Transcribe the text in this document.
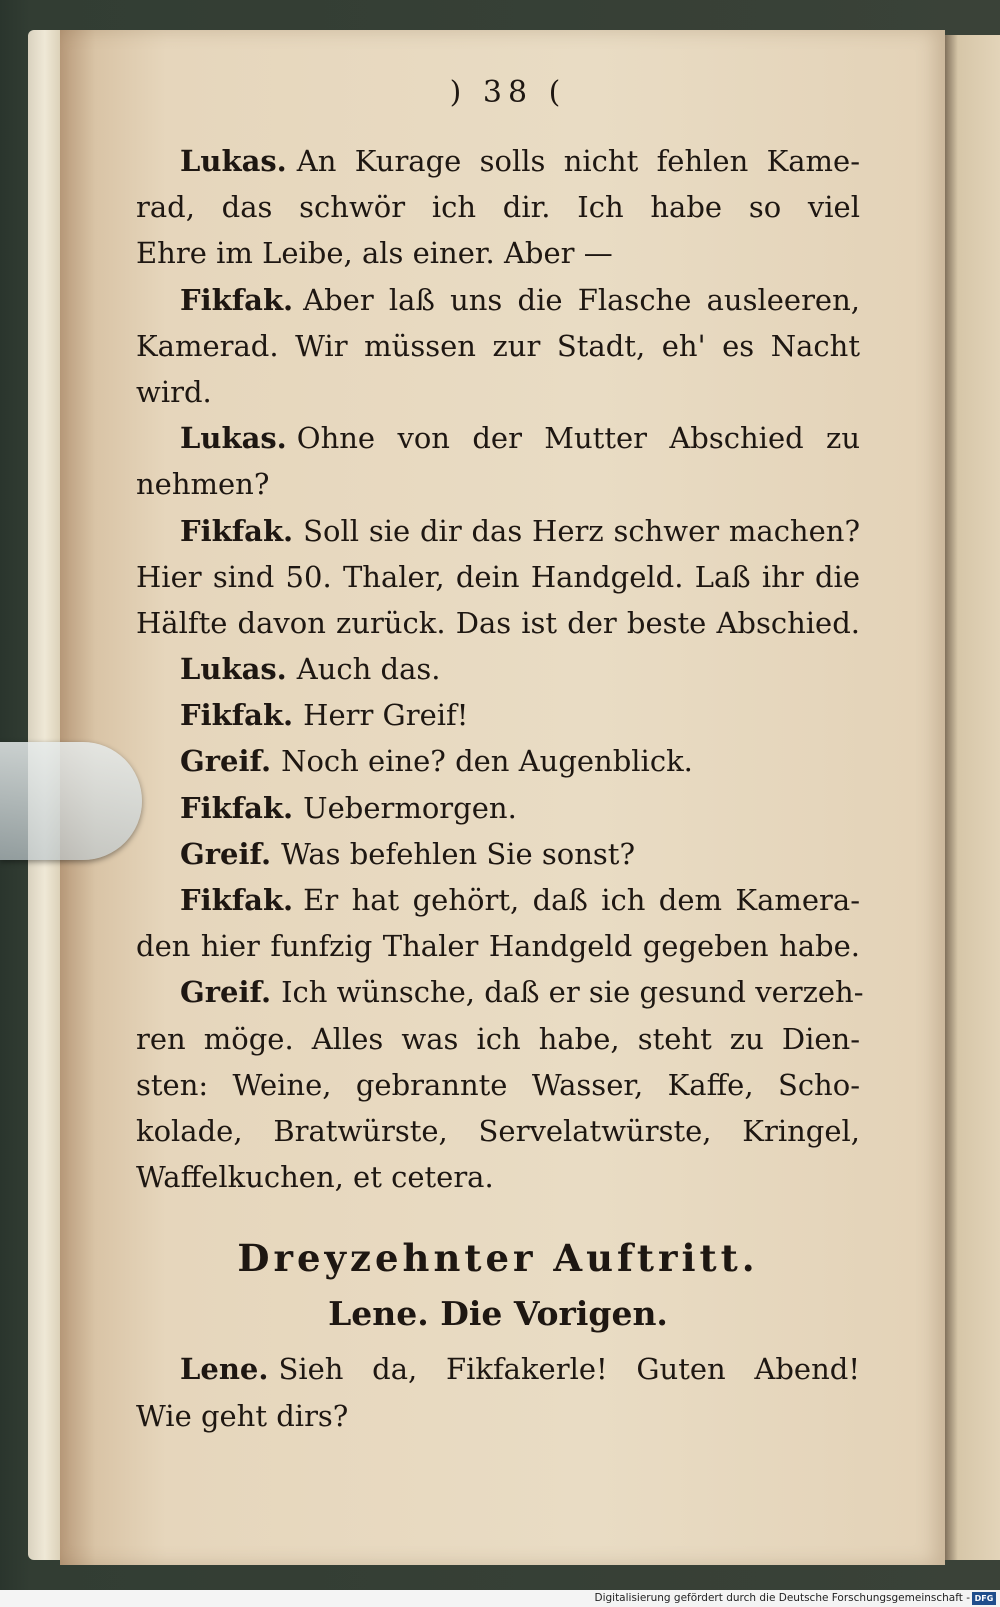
) 38 (
Lukas. An Kurage solls nicht fehlen Kame-
rad, das schwör ich dir. Ich habe so viel
Ehre im Leibe, als einer. Aber —
Fikfak. Aber laß uns die Flasche ausleeren,
Kamerad. Wir müssen zur Stadt, eh' es Nacht
wird.
Lukas. Ohne von der Mutter Abschied zu
nehmen?
Fikfak. Soll sie dir das Herz schwer machen?
Hier sind 50. Thaler, dein Handgeld. Laß ihr die
Hälfte davon zurück. Das ist der beste Abschied.
Lukas. Auch das.
Fikfak. Herr Greif!
Greif. Noch eine? den Augenblick.
Fikfak. Uebermorgen.
Greif. Was befehlen Sie sonst?
Fikfak. Er hat gehört, daß ich dem Kamera-
den hier funfzig Thaler Handgeld gegeben habe.
Greif. Ich wünsche, daß er sie gesund verzeh-
ren möge. Alles was ich habe, steht zu Dien-
sten: Weine, gebrannte Wasser, Kaffe, Scho-
kolade, Bratwürste, Servelatwürste, Kringel,
Waffelkuchen, et cetera.
Dreyzehnter Auftritt.
Lene. Die Vorigen.
Lene. Sieh da, Fikfakerle! Guten Abend!
Wie geht dirs?
Digitalisierung gefördert durch die Deutsche Forschungsgemeinschaft - DFG
